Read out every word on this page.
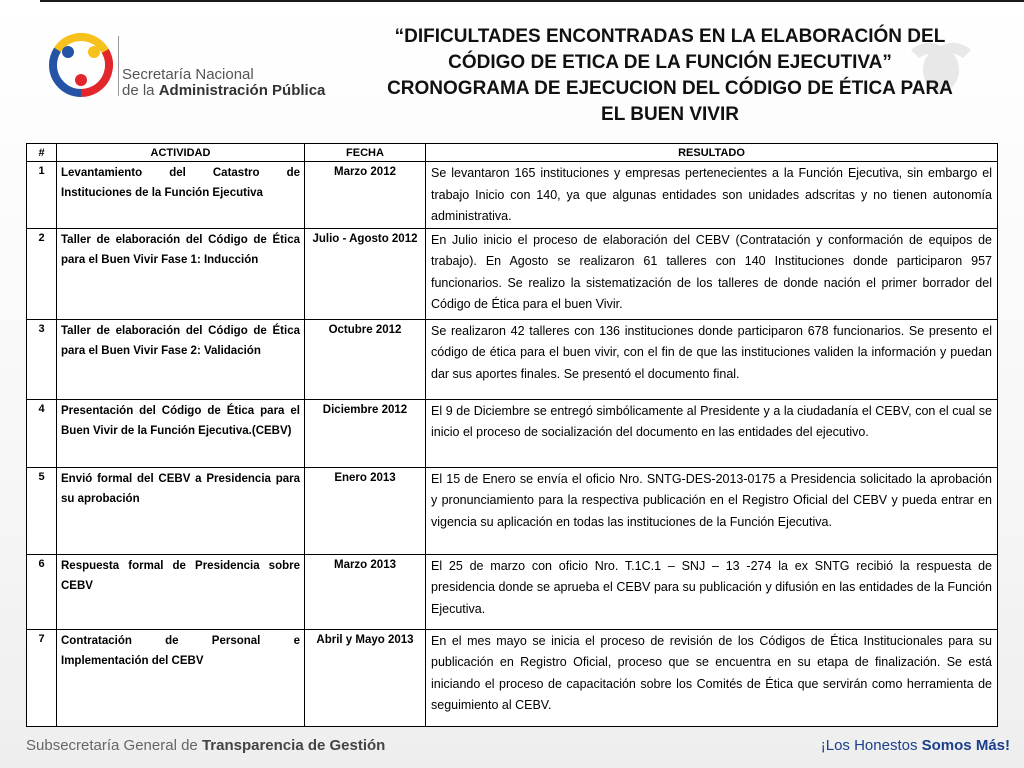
Secretaría Nacional
de la Administración Pública
“DIFICULTADES ENCONTRADAS EN LA ELABORACIÓN DEL
CÓDIGO DE ETICA DE LA FUNCIÓN EJECUTIVA”
CRONOGRAMA DE EJECUCION DEL CÓDIGO DE ÉTICA PARA
EL BUEN VIVIR
#	ACTIVIDAD	FECHA	RESULTADO
1	Levantamiento del Catastro de Instituciones de la Función Ejecutiva	Marzo 2012	Se levantaron 165 instituciones y empresas pertenecientes a la Función Ejecutiva, sin embargo el trabajo Inicio con 140, ya que algunas entidades son unidades adscritas y no tienen autonomía administrativa.
2	Taller de elaboración del Código de Ética para el Buen Vivir Fase 1: Inducción	Julio - Agosto 2012	En Julio inicio el proceso de elaboración del CEBV (Contratación y conformación de equipos de trabajo). En Agosto se realizaron 61 talleres con 140 Instituciones donde participaron 957 funcionarios. Se realizo la sistematización de los talleres de donde nación el primer borrador del Código de Ética para el buen Vivir.
3	Taller de elaboración del Código de Ética para el Buen Vivir Fase 2: Validación	Octubre 2012	Se realizaron 42 talleres con 136 instituciones donde participaron 678 funcionarios. Se presento el código de ética para el buen vivir, con el fin de que las instituciones validen la información y puedan dar sus aportes finales. Se presentó el documento final.
4	Presentación del Código de Ética para el Buen Vivir de la Función Ejecutiva.(CEBV)	Diciembre 2012	El 9 de Diciembre se entregó simbólicamente al Presidente y a la ciudadanía el CEBV, con el cual se inicio el proceso de socialización del documento en las entidades del ejecutivo.
5	Envió formal del CEBV a Presidencia para su aprobación	Enero 2013	El 15 de Enero se envía el oficio Nro. SNTG-DES-2013-0175 a Presidencia solicitado la aprobación y pronunciamiento para la respectiva publicación en el Registro Oficial del CEBV y pueda entrar en vigencia su aplicación en todas las instituciones de la Función Ejecutiva.
6	Respuesta formal de Presidencia sobre CEBV	Marzo 2013	El 25 de marzo con oficio Nro. T.1C.1 – SNJ – 13 -274 la ex SNTG recibió la respuesta de presidencia donde se aprueba el CEBV para su publicación y difusión en las entidades de la Función Ejecutiva.
7	Contratación de Personal e Implementación del CEBV	Abril y Mayo 2013	En el mes mayo se inicia el proceso de revisión de los Códigos de Ética Institucionales para su publicación en Registro Oficial, proceso que se encuentra en su etapa de finalización. Se está iniciando el proceso de capacitación sobre los Comités de Ética que servirán como herramienta de seguimiento al CEBV.
Subsecretaría General de Transparencia de Gestión	¡Los Honestos Somos Más!
